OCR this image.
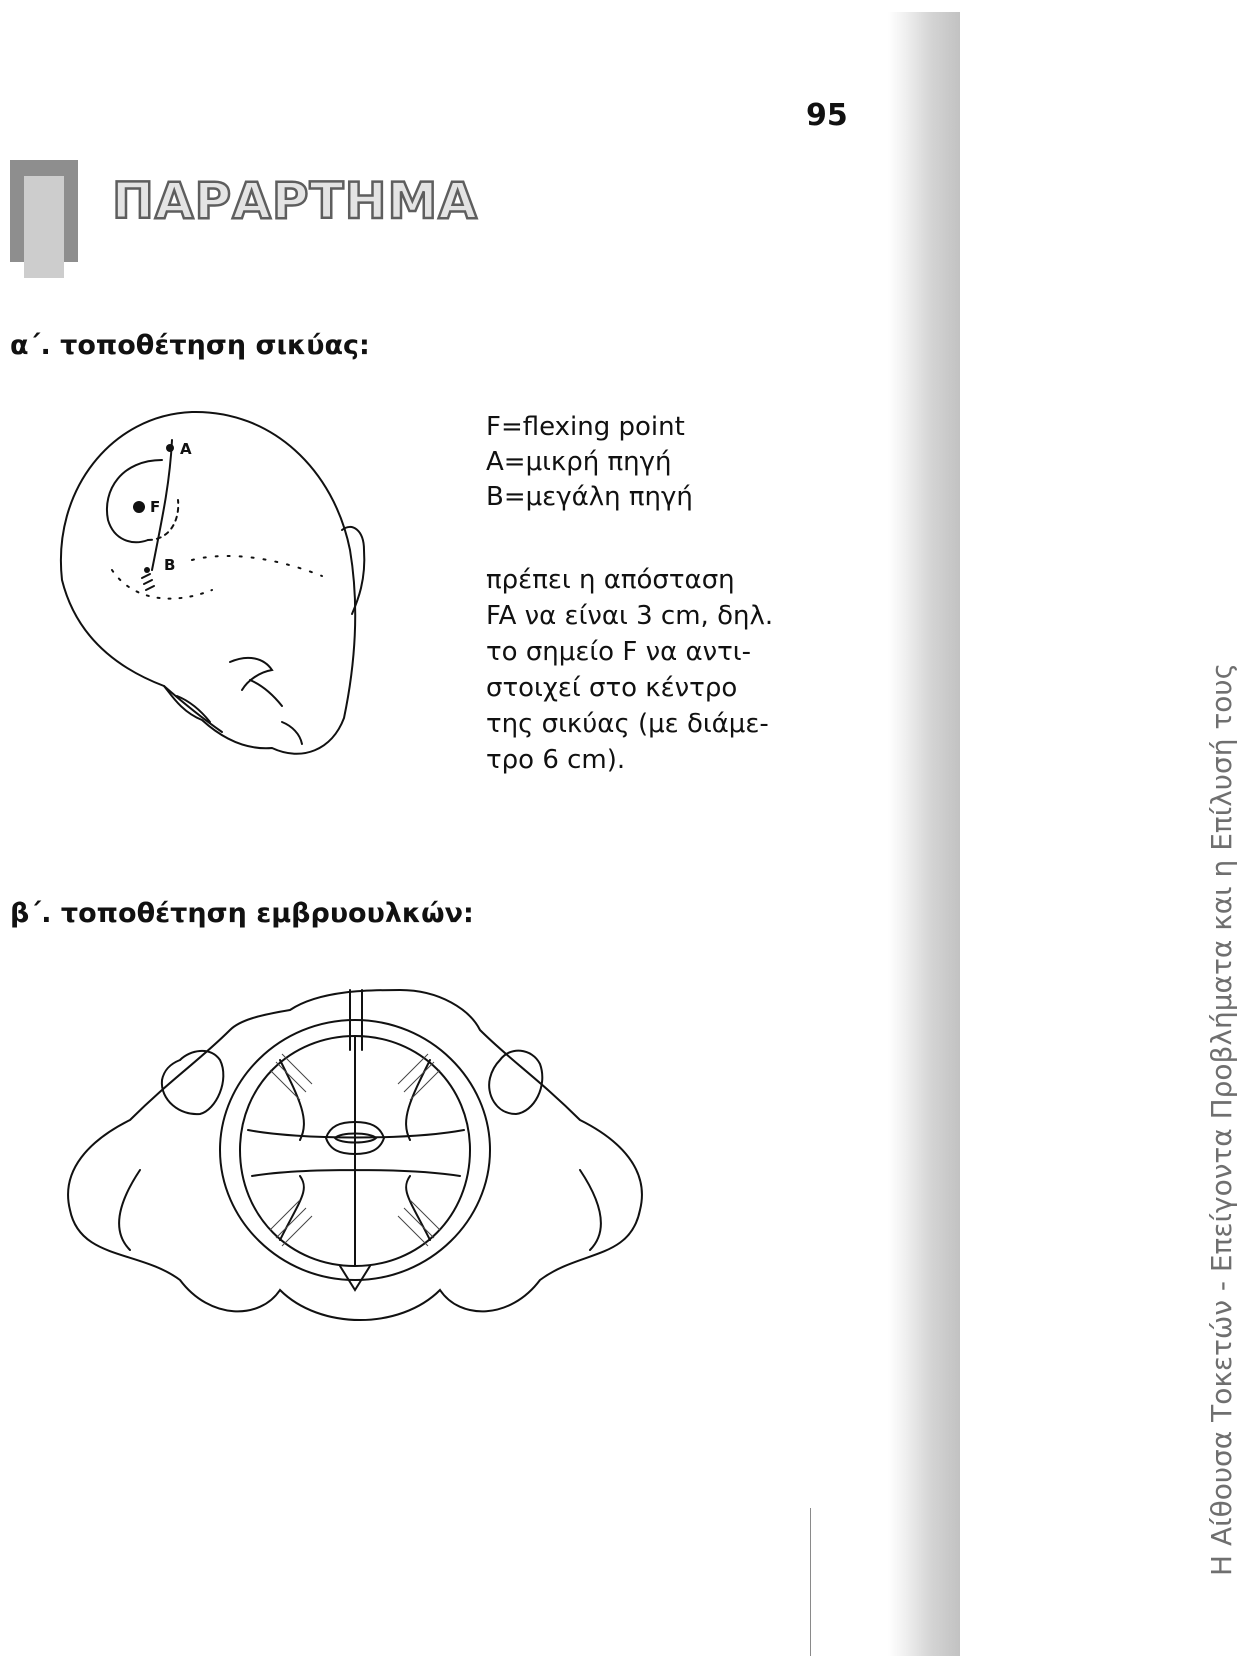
Η Αίθουσα Τοκετών - Επείγοντα Προβλήματα και η Επίλυσή τους
95
ΠΑΡΑΡΤΗΜΑ
α΄. τοποθέτηση σικύας:
A
F
B
F=flexing point
A=μικρή πηγή
B=μεγάλη πηγή
πρέπει η απόσταση
FA να είναι 3 cm, δηλ.
το σημείο F να αντι-
στοιχεί στο κέντρο
της σικύας (με διάμε-
τρο 6 cm).
β΄. τοποθέτηση εμβρυουλκών:
